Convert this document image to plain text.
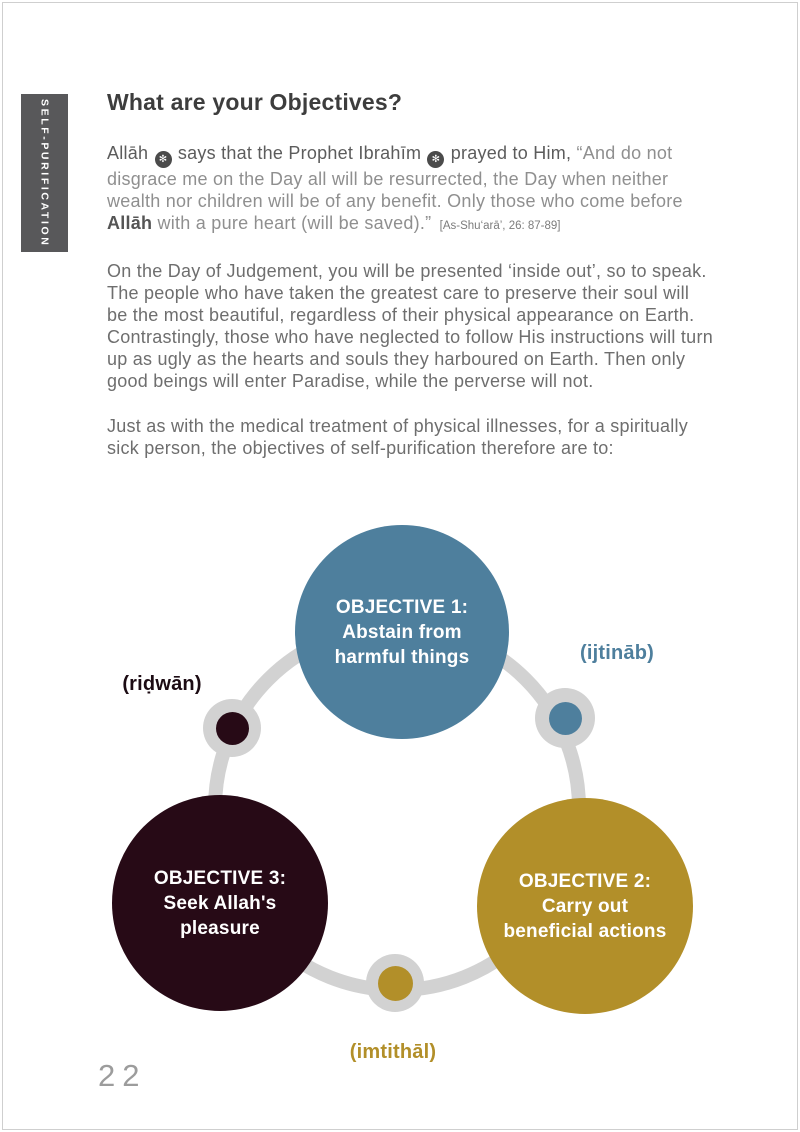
SELF-PURIFICATION What are your Objectives?

Allāh ✻ says that the Prophet Ibrahīm ✻ prayed to Him, “And do not disgrace me on the Day all will be resurrected, the Day when neither wealth nor children will be of any benefit. Only those who come before Allāh with a pure heart (will be saved).” [As-Shu‘arā’, 26: 87-89]

On the Day of Judgement, you will be presented ‘inside out’, so to speak. The people who have taken the greatest care to preserve their soul will be the most beautiful, regardless of their physical appearance on Earth. Contrastingly, those who have neglected to follow His instructions will turn up as ugly as the hearts and souls they harboured on Earth. Then only good beings will enter Paradise, while the perverse will not.

Just as with the medical treatment of physical illnesses, for a spiritually sick person, the objectives of self-purification therefore are to:

OBJECTIVE 1:
Abstain from
harmful things
OBJECTIVE 3:
Seek Allah's
pleasure
OBJECTIVE 2:
Carry out
beneficial actions
(ijtināb)
(riḍwān)
(imtithāl)
22
